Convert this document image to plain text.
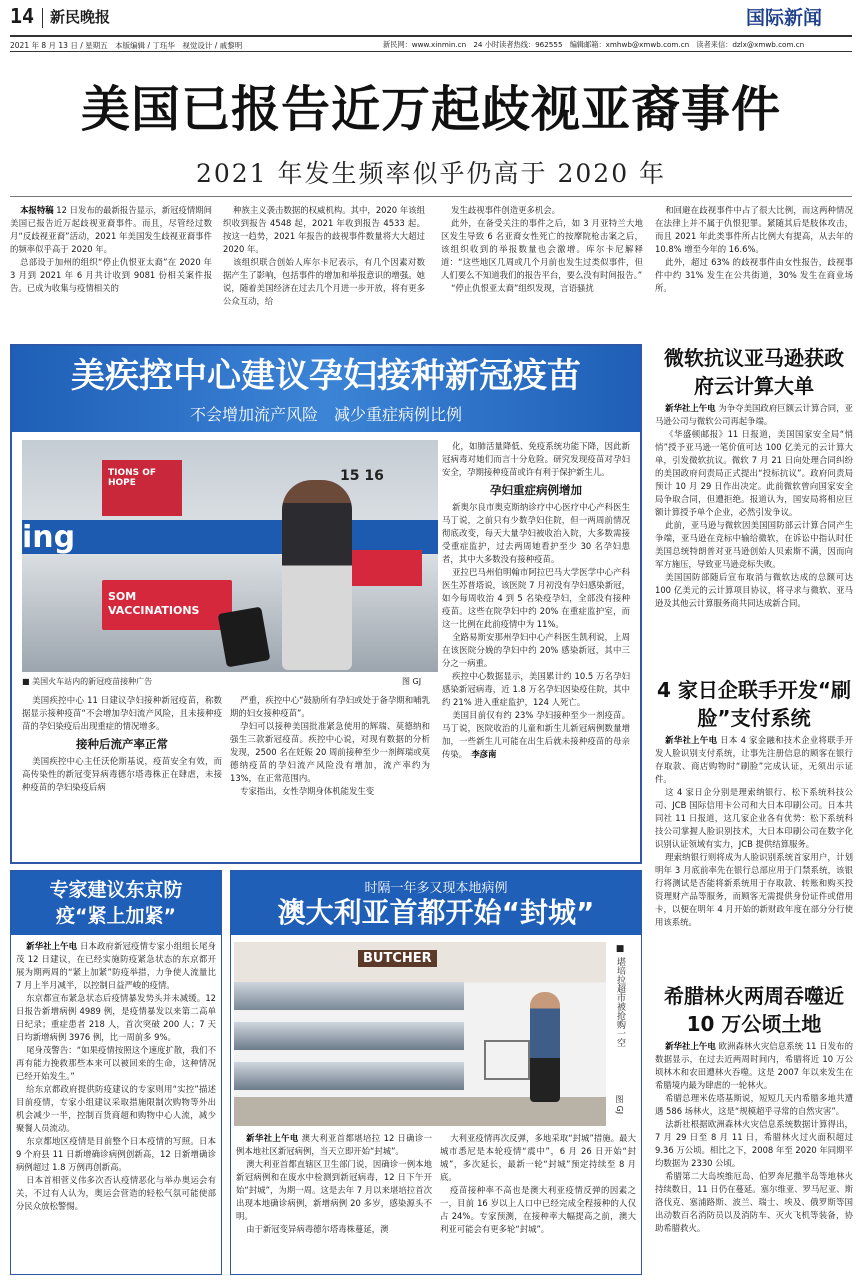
14 新民晚报	国际新闻
2021 年 8 月 13 日 / 星期五　本版编辑 / 丁珏华　视觉设计 / 戚黎明	新民网：www.xinmin.cn　24 小时读者热线：962555　编辑邮箱：xmhwb@xmwb.com.cn　读者来信：dzlx@xmwb.com.cn
美国已报告近万起歧视亚裔事件
2021 年发生频率似乎仍高于 2020 年

本报特稿 12 日发布的最新报告显示，新冠疫情期间美国已报告近万起歧视亚裔事件。而且，尽管经过数月“反歧视亚裔”活动，2021 年美国发生歧视亚裔事件的频率似乎高于 2020 年。

总部设于加州的组织“停止仇恨亚太裔”在 2020 年 3 月到 2021 年 6 月共计收到 9081 份相关案件报告。已成为收集与疫情相关的

种族主义袭击数据的权威机构。其中，2020 年该组织收到报告 4548 起，2021 年收到报告 4533 起。按这一趋势，2021 年报告的歧视事件数量将大大超过 2020 年。

该组织联合创始人库尔卡尼表示，有几个因素对数据产生了影响，包括事件的增加和举报意识的增强。她说，随着美国经济在过去几个月进一步开放，将有更多公众互动，给

发生歧视事件创造更多机会。

此外，在备受关注的事件之后，如 3 月亚特兰大地区发生导致 6 名亚裔女性死亡的按摩院枪击案之后，该组织收到的举报数量也会激增。库尔卡尼解释道：“这些地区几周或几个月前也发生过类似事件，但人们要么不知道我们的报告平台，要么没有时间报告。”

“停止仇恨亚太裔”组织发现，言语骚扰

和回避在歧视事件中占了很大比例，而这两种情况在法律上并不属于仇恨犯罪。紧随其后是肢体攻击，而且 2021 年此类事件所占比例大有提高，从去年的 10.8% 增至今年的 16.6%。

此外，超过 63% 的歧视事件由女性报告，歧视事件中约 31% 发生在公共街道，30% 发生在商业场所。

美疾控中心建议孕妇接种新冠疫苗
不会增加流产风险　减少重症病例比例
TIONS OF HOPE
ing
SOM VACCINATIONS
15 16
■ 美国火车站内的新冠疫苗接种广告	图 GJ

美国疾控中心 11 日建议孕妇接种新冠疫苗，称数据显示接种疫苗“不会增加孕妇流产风险，且未接种疫苗的孕妇染疫后出现重症的情况增多。

接种后流产率正常

美国疾控中心主任沃伦斯基说，疫苗安全有效，而高传染性的新冠变异病毒德尔塔毒株正在肆虐，未接种疫苗的孕妇染疫后病

严重，疾控中心“鼓励所有孕妇或处于备孕期和哺乳期的妇女接种疫苗”。

孕妇可以接种美国批准紧急使用的辉瑞、莫德纳和强生三款新冠疫苗。疾控中心说，对现有数据的分析发现，2500 名在妊娠 20 周前接种至少一剂辉瑞或莫德纳疫苗的孕妇流产风险没有增加，流产率约为 13%，在正常范围内。

专家指出，女性孕期身体机能发生变

化，如肺活量降低、免疫系统功能下降，因此新冠病毒对她们而言十分危险。研究发现疫苗对孕妇安全，孕期接种疫苗或许有利于保护新生儿。

孕妇重症病例增加

新奥尔良市奥克斯纳诊疗中心医疗中心产科医生马丁说，之前只有少数孕妇住院，但一两周前情况彻底改变，每天大量孕妇被收治入院，大多数需接受重症监护，过去两周她看护至少 30 名孕妇患者，其中大多数没有接种疫苗。

亚拉巴马州伯明翰市阿拉巴马大学医学中心产科医生苏普塔说，该医院 7 月初没有孕妇感染新冠，如今每周收治 4 到 5 名染疫孕妇，全部没有接种疫苗。这些在院孕妇中约 20% 在重症监护室，而这一比例在此前疫情中为 11%。

全路易斯安那州孕妇中心产科医生凯利说，上周在该医院分娩的孕妇中约 20% 感染新冠，其中三分之一病重。

疾控中心数据显示，美国累计约 10.5 万名孕妇感染新冠病毒，近 1.8 万名孕妇因染疫住院，其中约 21% 进入重症监护，124 人死亡。

美国目前仅有约 23% 孕妇接种至少一剂疫苗。马丁说，医院收治的儿童和新生儿新冠病例数量增加，一些新生儿可能在出生后就未接种疫苗的母亲传染。　李彦南

专家建议东京防疫“紧上加紧”

新华社上午电 日本政府新冠疫情专家小组组长尾身茂 12 日建议，在已经实施防疫紧急状态的东京都开展为期两周的“紧上加紧”防疫举措，力争使人流量比 7 月上半月减半，以控制日益严峻的疫情。

东京都宣布紧急状态后疫情暴发势头并未减缓。12 日报告新增病例 4989 例，是疫情暴发以来第二高单日纪录；重症患者 218 人，首次突破 200 人；7 天日均新增病例 3976 例，比一周前多 9%。

尾身茂警告：“如果疫情按照这个速度扩散，我们不再有能力挽救那些本来可以被回来的生命，这种情况已经开始发生。”

给东京都政府提供防疫建议的专家则用“实控”描述目前疫情，专家小组建议采取措施限制次购物等外出机会减少一半，控制百货商超和购物中心人流，减少聚餐人员流动。

东京都地区疫情是目前整个日本疫情的写照。日本 9 个府县 11 日新增确诊病例创新高，12 日新增确诊病例超过 1.8 万例再创新高。

日本首相菅义伟多次否认疫情恶化与举办奥运会有关，不过有人认为，奥运会营造的轻松气氛可能使部分民众放松警惕。

时隔一年多又现本地病例
澳大利亚首都开始“封城”
BUTCHER	■ 堪培拉超市被抢购一空
图 GJ

新华社上午电 澳大利亚首都堪培拉 12 日确诊一例本地社区新冠病例，当天立即开始“封城”。

澳大利亚首都直辖区卫生部门说，因确诊一例本地新冠病例和在废水中检测到新冠病毒，12 日下午开始“封城”，为期一周。这是去年 7 月以来堪培拉首次出现本地确诊病例，新增病例 20 多岁，感染源头不明。

由于新冠变异病毒德尔塔毒株蔓延，澳

大利亚疫情再次反弹，多地采取“封城”措施。最大城市悉尼是本轮疫情“震中”，6 月 26 日开始“封城”，多次延长，最新一轮“封城”预定持续至 8 月底。

疫苗接种率不高也是澳大利亚疫情反弹的因素之一，目前 16 岁以上人口中已经完成全程接种的人仅占 24%。专家预测，在接种率大幅提高之前，澳大利亚可能会有更多轮“封城”。

微软抗议亚马逊获政府云计算大单

新华社上午电 为争夺美国政府巨额云计算合同，亚马逊公司与微软公司再起争端。

《华盛顿邮报》11 日报道，美国国家安全局“悄悄”授予亚马逊一笔价值可达 100 亿美元的云计算大单，引发微软抗议。微软 7 月 21 日向处理合同纠纷的美国政府问责局正式提出“投标抗议”。政府问责局预计 10 月 29 日作出决定。此前微软曾向国家安全局争取合同，但遭拒绝。报道认为，国安局将相应巨额计算授予单个企业，必然引发争议。

此前，亚马逊与微软因美国国防部云计算合同产生争端，亚马逊在竞标中输给微软，在诉讼中指认时任美国总统特朗普对亚马逊创始人贝索斯不满，因而向军方施压，导致亚马逊竞标失败。

美国国防部随后宣布取消与微软达成的总额可达 100 亿美元的云计算项目协议，将寻求与微软、亚马逊及其他云计算服务商共同达成新合同。

4 家日企联手开发“刷脸”支付系统

新华社上午电 日本 4 家金融和技术企业将联手开发人脸识别支付系统，让事先注册信息的顾客在银行存取款、商店购物时“刷脸”完成认证，无须出示证件。

这 4 家日企分别是理索纳银行、松下系统科技公司、JCB 国际信用卡公司和大日本印刷公司。日本共同社 11 日报道，这几家企业各有优势：松下系统科技公司掌握人脸识别技术，大日本印刷公司在数字化识别认证领域有实力，JCB 提供结算服务。

理索纳银行则将成为人脸识别系统首家用户，计划明年 3 月底前率先在银行总部应用于门禁系统，该银行将测试是否能将新系统用于存取款、转账和购买投资理财产品等服务，而顾客无需提供身份证件或借用卡，以便在明年 4 月开始的新财政年度在部分分行使用该系统。

希腊林火两周吞噬近 10 万公顷土地

新华社上午电 欧洲森林火灾信息系统 11 日发布的数据显示，在过去近两周时间内，希腊将近 10 万公顷林木和农田遭林火吞噬。这是 2007 年以来发生在希腊境内最为肆虐的一轮林火。

希腊总理米佐塔基斯说，短短几天内希腊多地共遭遇 586 场林火，这是“规模超乎寻常的自然灾害”。

法新社根据欧洲森林火灾信息系统数据计算得出，7 月 29 日至 8 月 11 日，希腊林火过火面积超过 9.36 万公顷。相比之下，2008 年至 2020 年同期平均数据为 2330 公顷。

希腊第二大岛埃维厄岛、伯罗奔尼撒半岛等地林火持续数日，11 日仍在蔓延。塞尔维亚、罗马尼亚、斯洛伐克、塞浦路斯、波兰、瑞士、埃及、俄罗斯等国出动数百名消防员以及消防车、灭火飞机等装备，协助希腊救火。
